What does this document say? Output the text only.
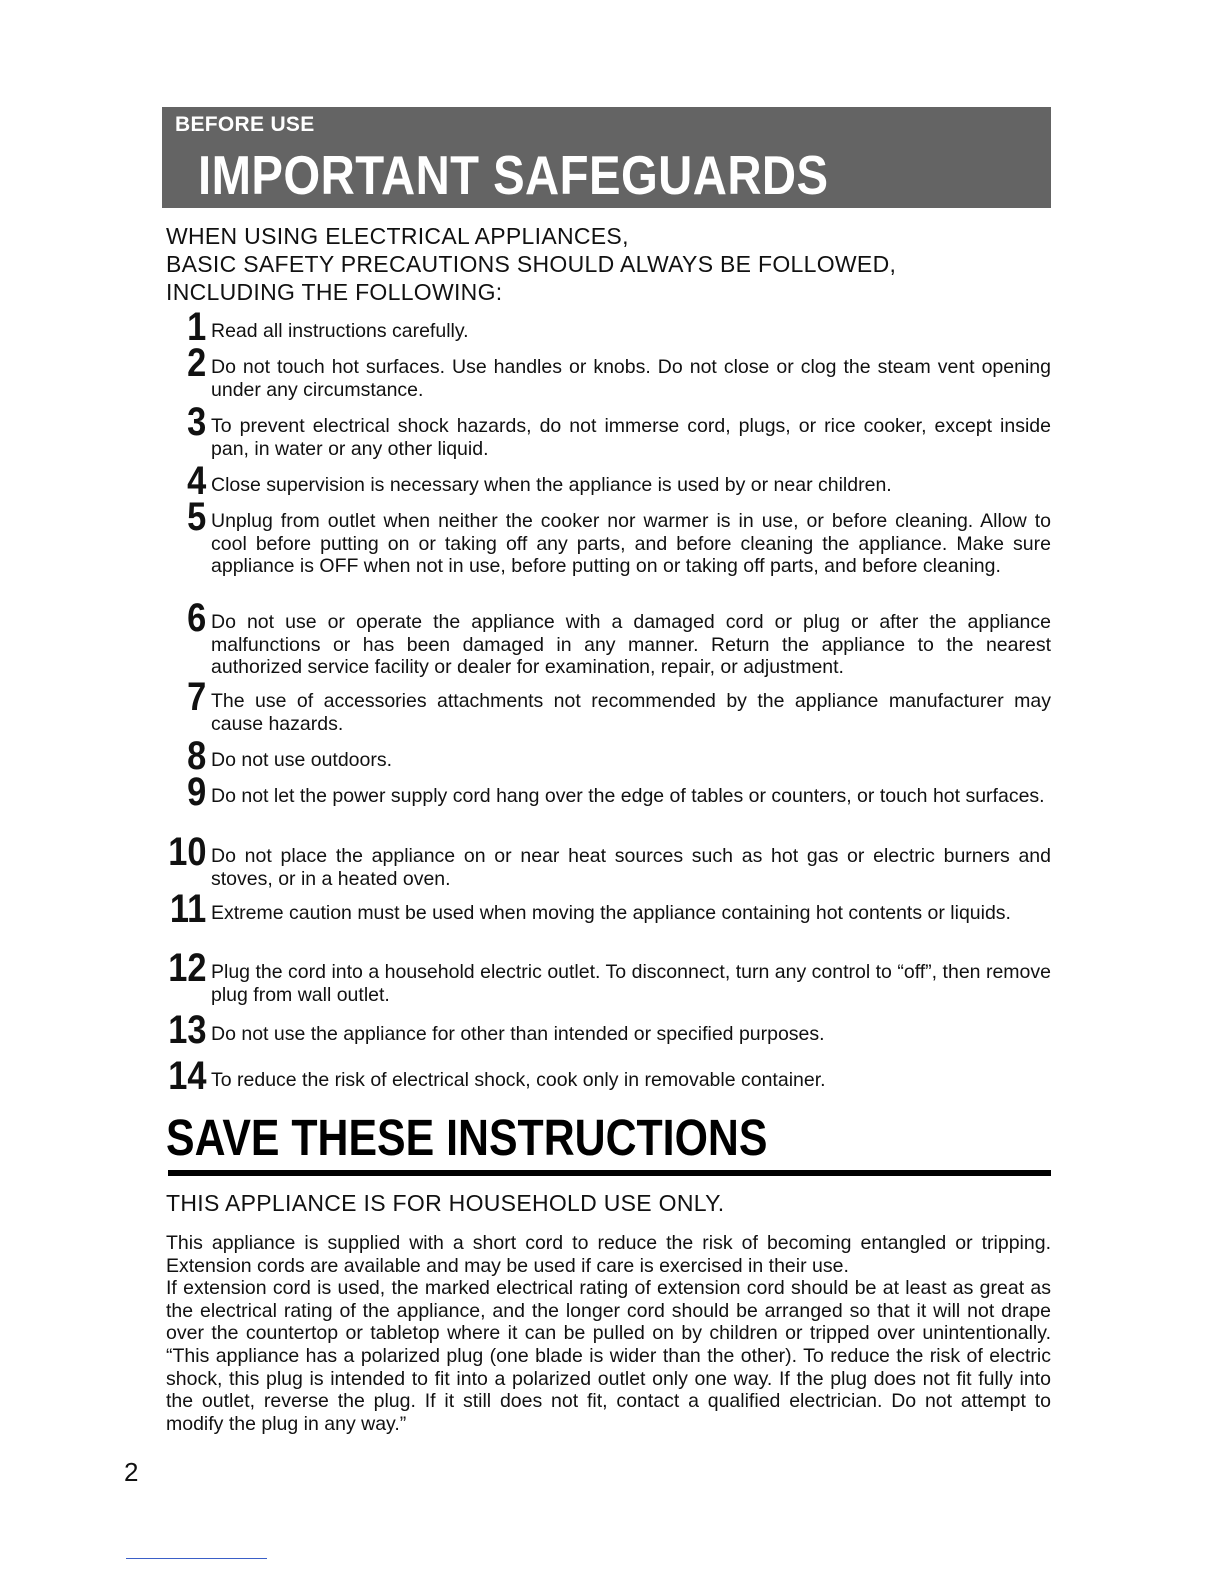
BEFORE USE
IMPORTANT SAFEGUARDS
WHEN USING ELECTRICAL APPLIANCES,
BASIC SAFETY PRECAUTIONS SHOULD ALWAYS BE FOLLOWED,
INCLUDING THE FOLLOWING:
1 Read all instructions carefully.
2 Do not touch hot surfaces. Use handles or knobs. Do not close or clog the steam vent opening under any circumstance.
3 To prevent electrical shock hazards, do not immerse cord, plugs, or rice cooker, except inside pan, in water or any other liquid.
4 Close supervision is necessary when the appliance is used by or near children.
5 Unplug from outlet when neither the cooker nor warmer is in use, or before cleaning. Allow to cool before putting on or taking off any parts, and before cleaning the appliance. Make sure appliance is OFF when not in use, before putting on or taking off parts, and before cleaning.
6 Do not use or operate the appliance with a damaged cord or plug or after the appliance malfunctions or has been damaged in any manner. Return the appliance to the nearest authorized service facility or dealer for examination, repair, or adjustment.
7 The use of accessories attachments not recommended by the appliance manufacturer may cause hazards.
8 Do not use outdoors.
9 Do not let the power supply cord hang over the edge of tables or counters, or touch hot surfaces.
10 Do not place the appliance on or near heat sources such as hot gas or electric burners and stoves, or in a heated oven.
11 Extreme caution must be used when moving the appliance containing hot contents or liquids.
12 Plug the cord into a household electric outlet. To disconnect, turn any control to “off”, then remove plug from wall outlet.
13 Do not use the appliance for other than intended or specified purposes.
14 To reduce the risk of electrical shock, cook only in removable container.
SAVE THESE INSTRUCTIONS
THIS APPLIANCE IS FOR HOUSEHOLD USE ONLY.

This appliance is supplied with a short cord to reduce the risk of becoming entangled or tripping. Extension cords are available and may be used if care is exercised in their use.

If extension cord is used, the marked electrical rating of extension cord should be at least as great as the electrical rating of the appliance, and the longer cord should be arranged so that it will not drape over the countertop or tabletop where it can be pulled on by children or tripped over unintentionally. “This appliance has a polarized plug (one blade is wider than the other). To reduce the risk of electric shock, this plug is intended to fit into a polarized outlet only one way. If the plug does not fit fully into the outlet, reverse the plug. If it still does not fit, contact a qualified electrician. Do not attempt to modify the plug in any way.”

2
